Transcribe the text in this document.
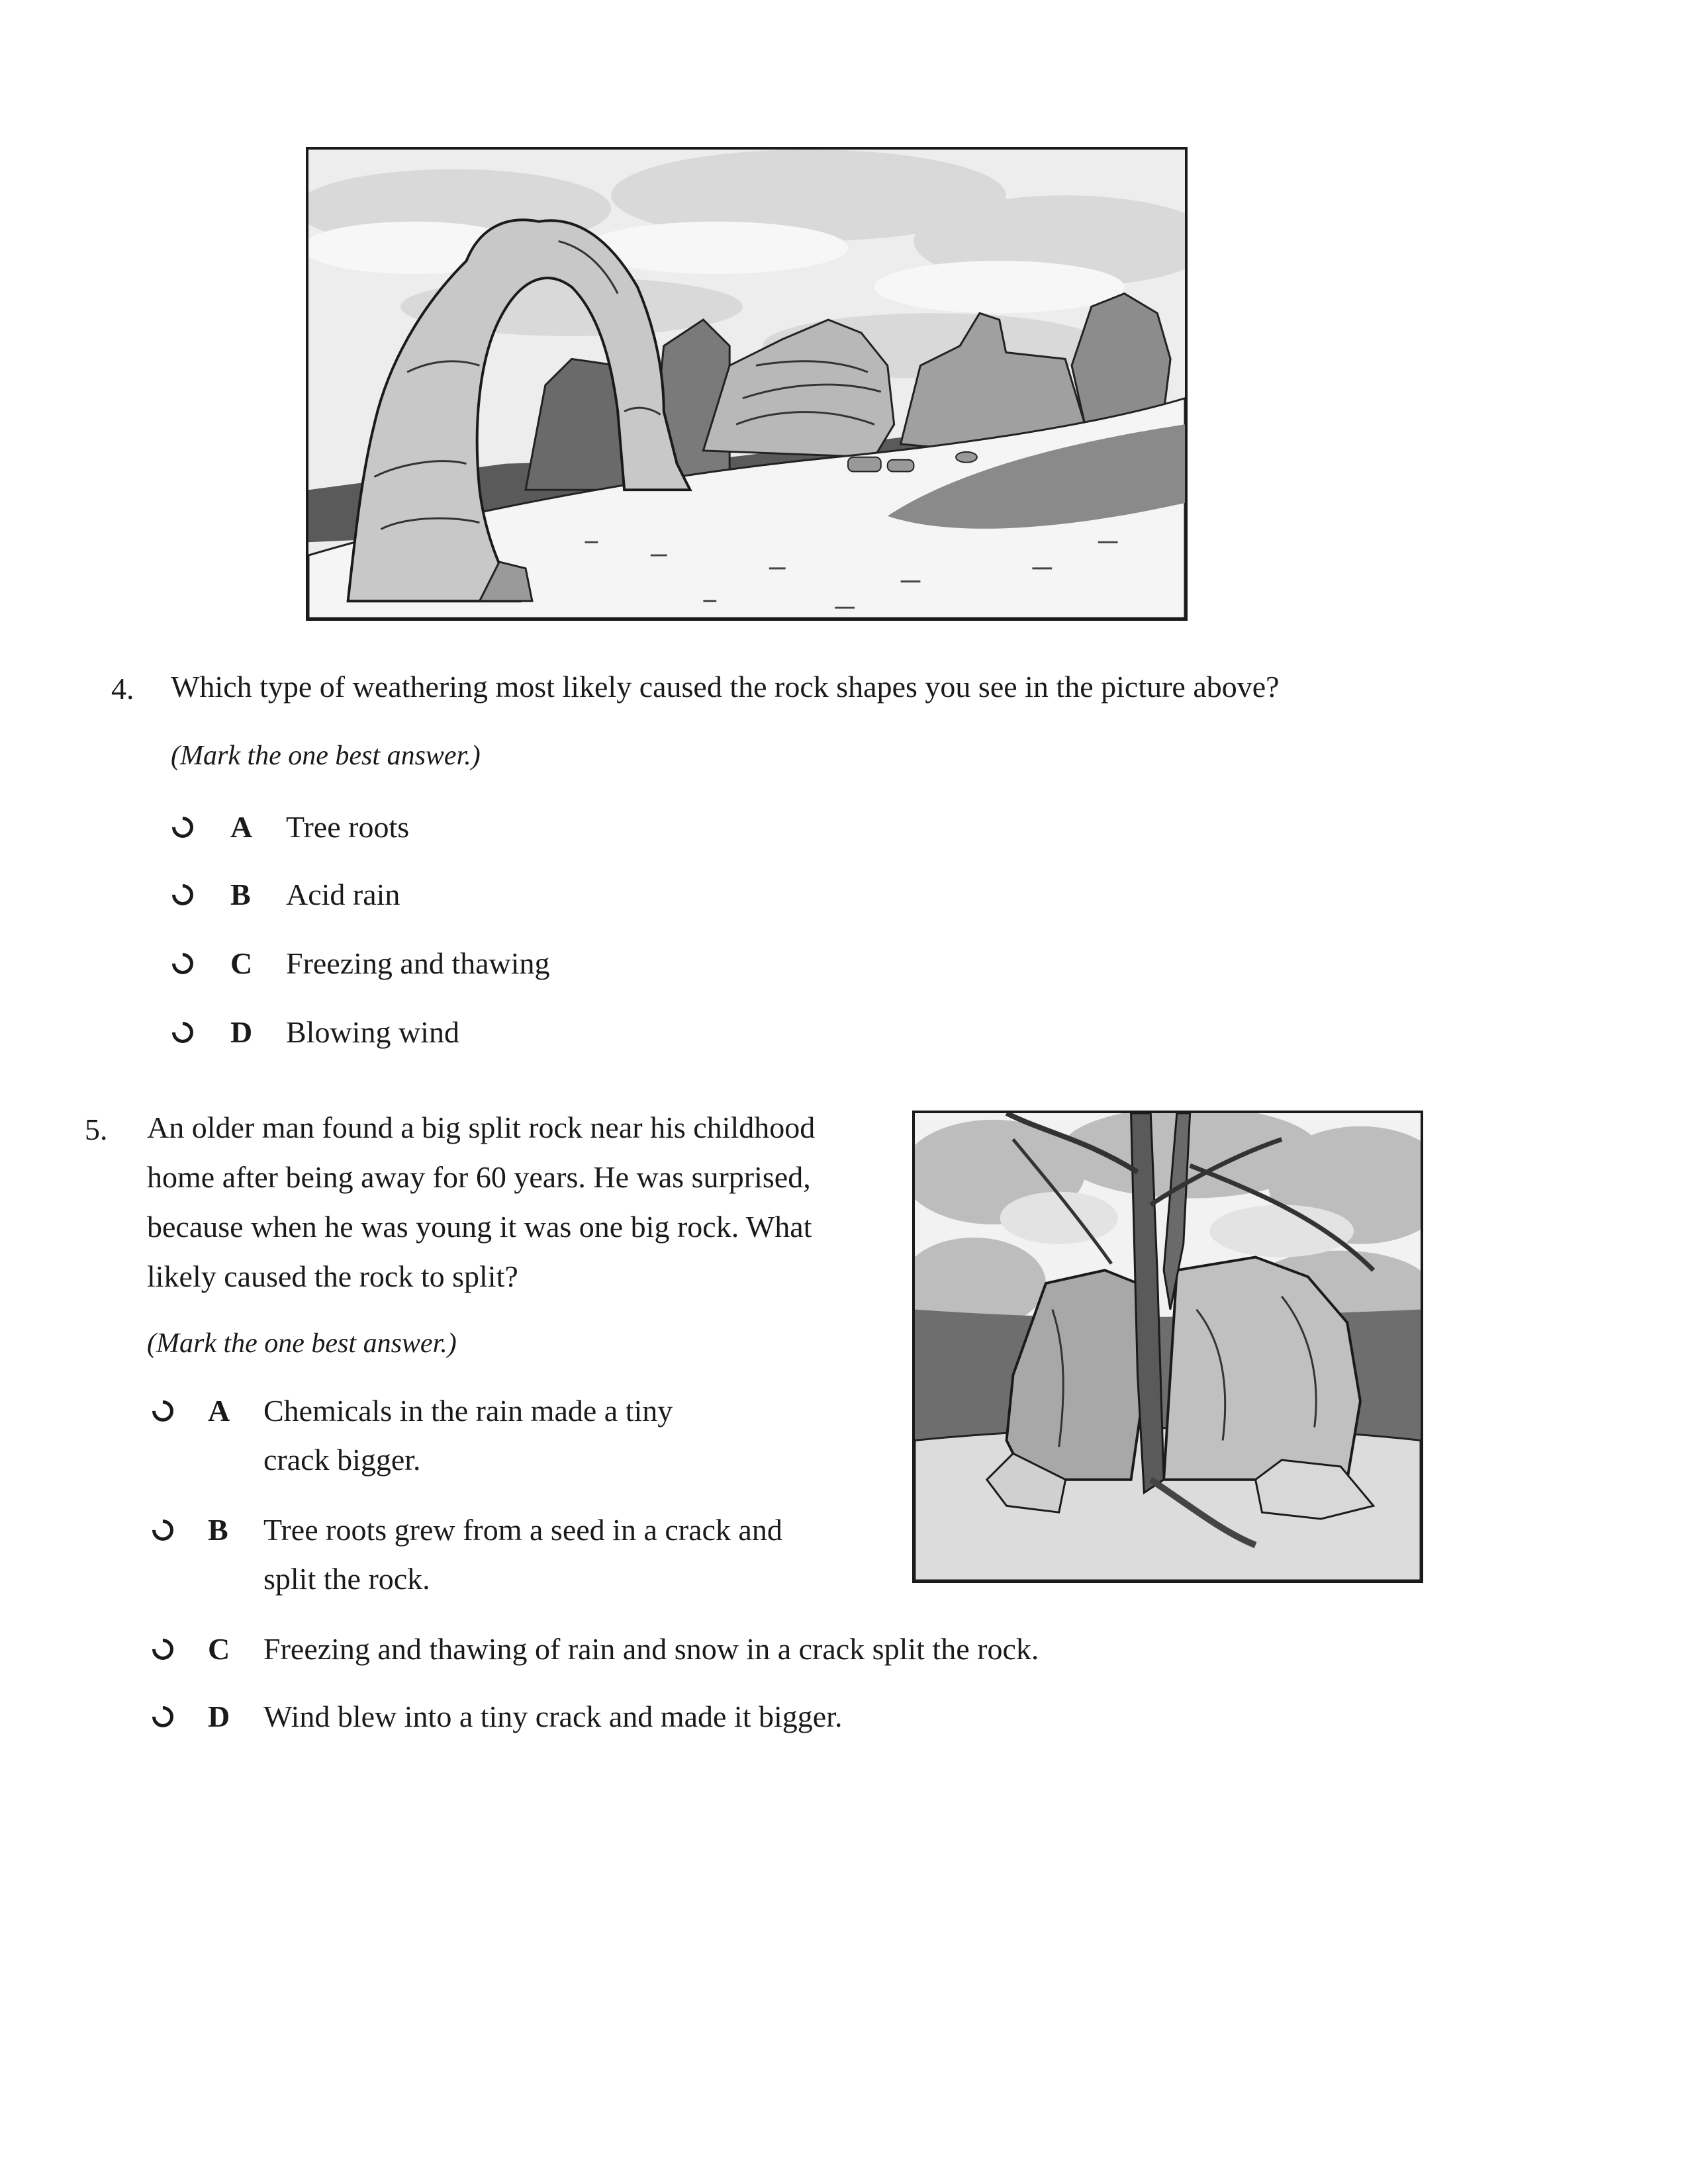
4. Which type of weathering most likely caused the rock shapes you see in the picture above?
(Mark the one best answer.)
A Tree roots
B Acid rain
C Freezing and thawing
D Blowing wind
5. An older man found a big split rock near his childhood
home after being away for 60 years. He was surprised,
because when he was young it was one big rock. What
likely caused the rock to split?
(Mark the one best answer.)
A Chemicals in the rain made a tiny
crack bigger.
B Tree roots grew from a seed in a crack and
split the rock.
C Freezing and thawing of rain and snow in a crack split the rock.
D Wind blew into a tiny crack and made it bigger.
